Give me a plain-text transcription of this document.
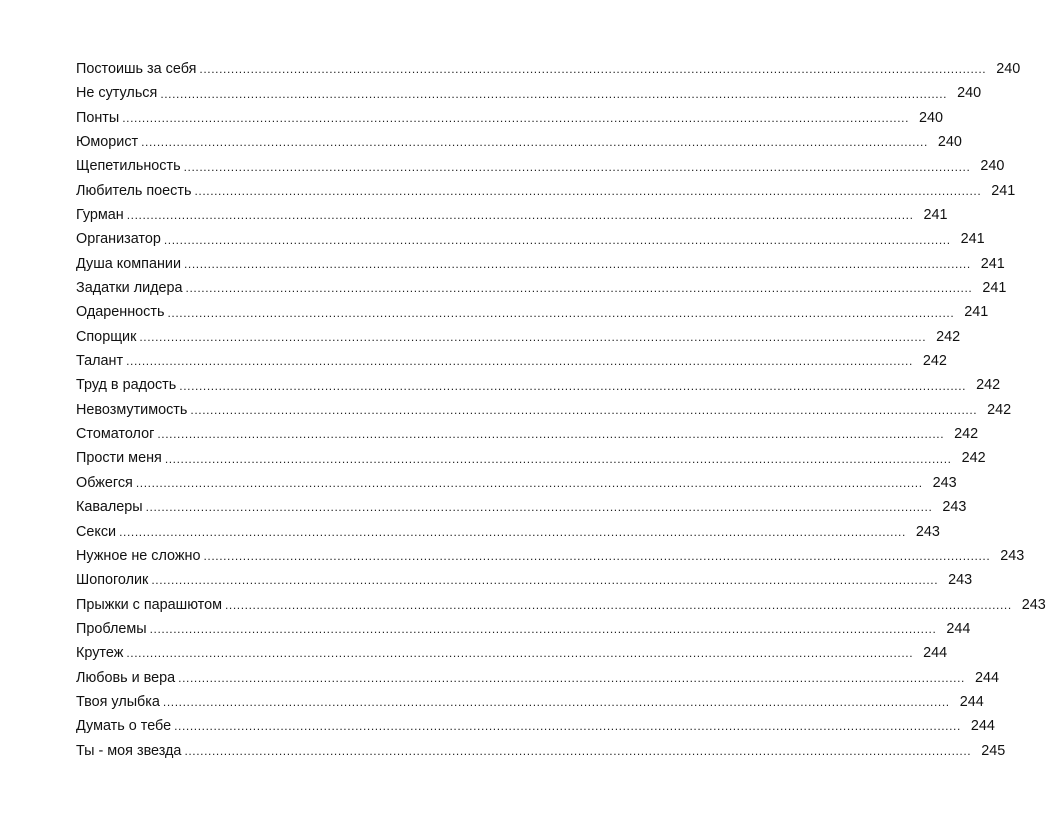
Постоишь за себя ........................................................................................................................................................................................................ 240
Не сутулься ........................................................................................................................................................................................................ 240
Понты ........................................................................................................................................................................................................ 240
Юморист ........................................................................................................................................................................................................ 240
Щепетильность ........................................................................................................................................................................................................ 240
Любитель поесть ........................................................................................................................................................................................................ 241
Гурман ........................................................................................................................................................................................................ 241
Организатор ........................................................................................................................................................................................................ 241
Душа компании ........................................................................................................................................................................................................ 241
Задатки лидера ........................................................................................................................................................................................................ 241
Одаренность ........................................................................................................................................................................................................ 241
Спорщик ........................................................................................................................................................................................................ 242
Талант ........................................................................................................................................................................................................ 242
Труд в радость ........................................................................................................................................................................................................ 242
Невозмутимость ........................................................................................................................................................................................................ 242
Стоматолог ........................................................................................................................................................................................................ 242
Прости меня ........................................................................................................................................................................................................ 242
Обжегся ........................................................................................................................................................................................................ 243
Кавалеры ........................................................................................................................................................................................................ 243
Секси ........................................................................................................................................................................................................ 243
Нужное не сложно ........................................................................................................................................................................................................ 243
Шопоголик ........................................................................................................................................................................................................ 243
Прыжки с парашютом ........................................................................................................................................................................................................ 243
Проблемы ........................................................................................................................................................................................................ 244
Крутеж ........................................................................................................................................................................................................ 244
Любовь и вера ........................................................................................................................................................................................................ 244
Твоя улыбка ........................................................................................................................................................................................................ 244
Думать о тебе ........................................................................................................................................................................................................ 244
Ты - моя звезда ........................................................................................................................................................................................................ 245
